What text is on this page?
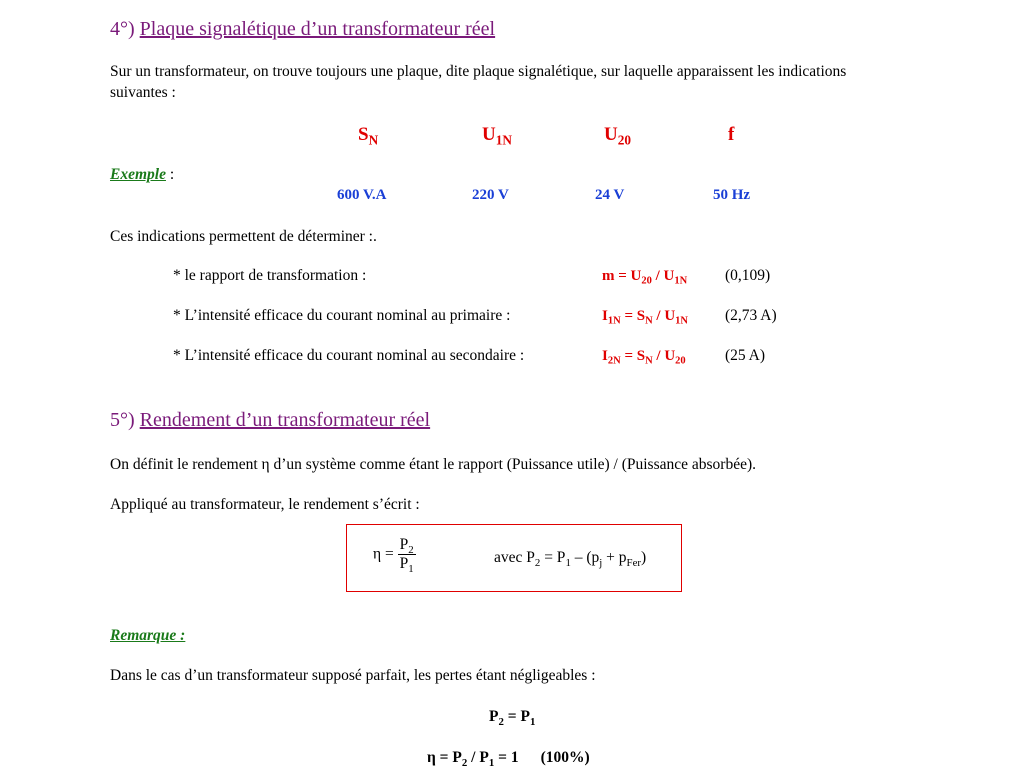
4°) Plaque signalétique d’un transformateur réel
Sur un transformateur, on trouve toujours une plaque, dite plaque signalétique, sur laquelle apparaissent les indications
suivantes :
$S_N$	$U_{1N}$	$U_{20}$	f
Exemple :
600 V.A	220 V	24 V	50 Hz
Ces indications permettent de déterminer :.
* le rapport de transformation :	$m = U_{20} / U_{1N}$ (0,109)
* L’intensité efficace du courant nominal au primaire :	$I_{1N} = S_N / U_{1N}$ (2,73 A)
* L’intensité efficace du courant nominal au secondaire :	$I_{2N} = S_N / U_{20}$	(25 A)
5°) Rendement d’un transformateur réel
On définit le rendement η d’un système comme étant le rapport (Puissance utile) / (Puissance absorbée).
Appliqué au transformateur, le rendement s’écrit :
$\eta = \frac{P_2}{P_1}$	avec $P_2 = P_1 - (p_j + p_{Fer})$
Remarque :
Dans le cas d’un transformateur supposé parfait, les pertes étant négligeables :
$P_2 = P_1$
$\eta = P_2 / P_1 = 1$ (100%)
